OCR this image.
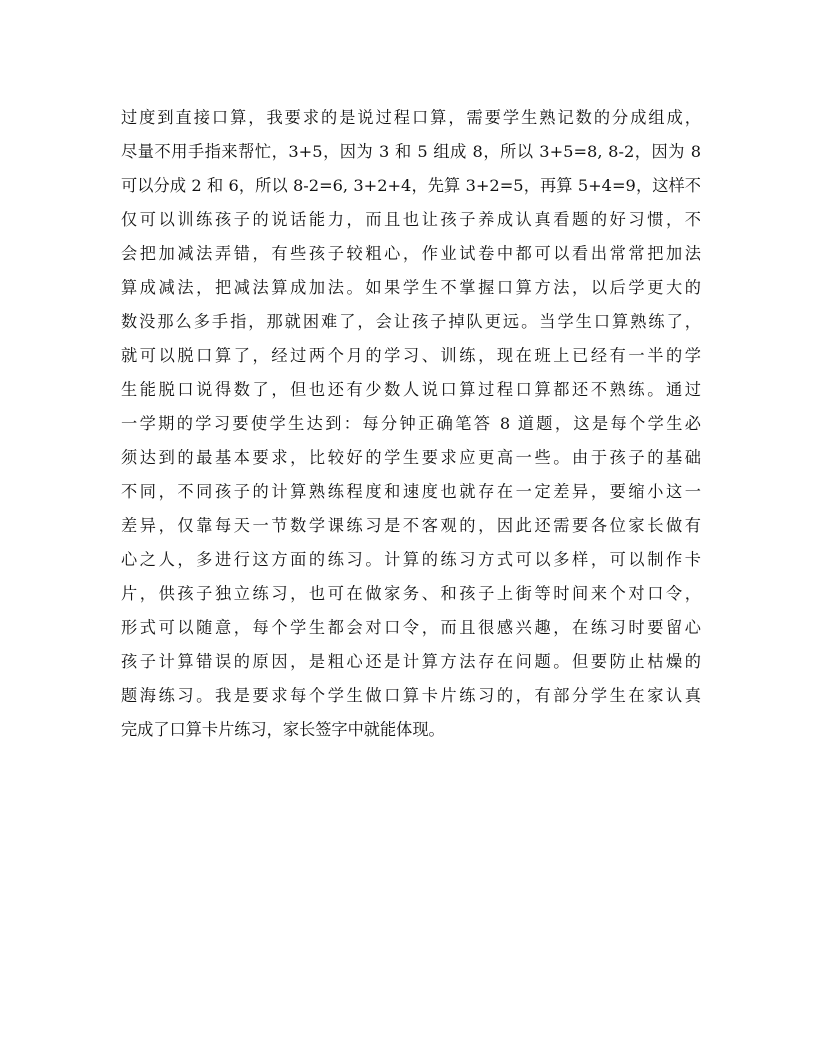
过度到直接口算，我要求的是说过程口算，需要学生熟记数的分成组成，
尽量不用手指来帮忙，3+5，因为 3 和 5 组成 8，所以 3+5=8, 8-2，因为 8
可以分成 2 和 6，所以 8-2=6, 3+2+4，先算 3+2=5，再算 5+4=9，这样不
仅可以训练孩子的说话能力，而且也让孩子养成认真看题的好习惯，不
会把加减法弄错，有些孩子较粗心，作业试卷中都可以看出常常把加法
算成减法，把减法算成加法。如果学生不掌握口算方法，以后学更大的
数没那么多手指，那就困难了，会让孩子掉队更远。当学生口算熟练了，
就可以脱口算了，经过两个月的学习、训练，现在班上已经有一半的学
生能脱口说得数了，但也还有少数人说口算过程口算都还不熟练。通过
一学期的学习要使学生达到：每分钟正确笔答 8 道题，这是每个学生必
须达到的最基本要求，比较好的学生要求应更高一些。由于孩子的基础
不同，不同孩子的计算熟练程度和速度也就存在一定差异，要缩小这一
差异，仅靠每天一节数学课练习是不客观的，因此还需要各位家长做有
心之人，多进行这方面的练习。计算的练习方式可以多样，可以制作卡
片，供孩子独立练习，也可在做家务、和孩子上街等时间来个对口令，
形式可以随意，每个学生都会对口令，而且很感兴趣，在练习时要留心
孩子计算错误的原因，是粗心还是计算方法存在问题。但要防止枯燥的
题海练习。我是要求每个学生做口算卡片练习的，有部分学生在家认真
完成了口算卡片练习，家长签字中就能体现。
